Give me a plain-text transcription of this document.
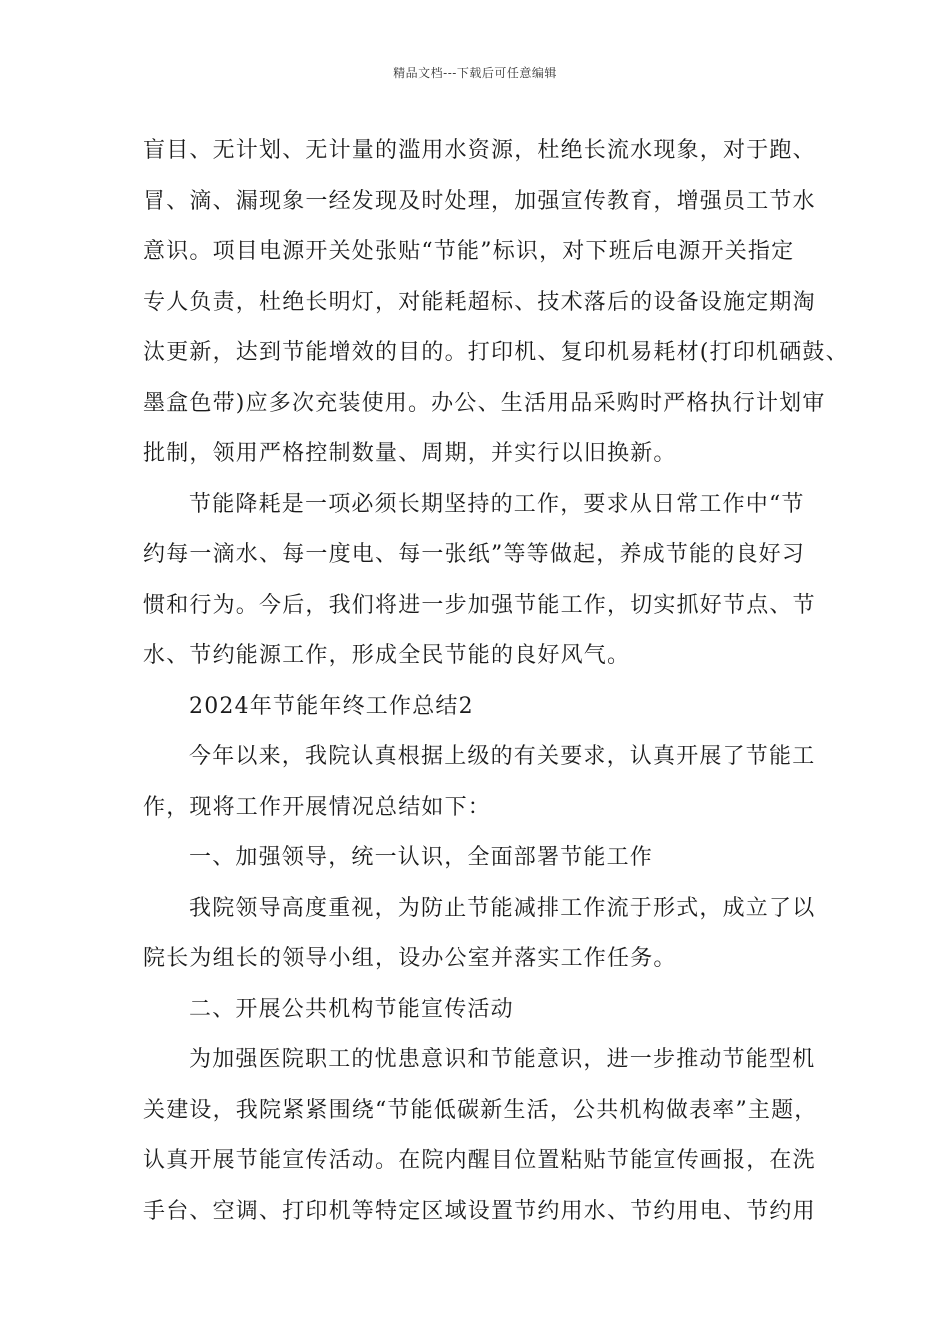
精品文档---下载后可任意编辑
盲目、无计划、无计量的滥用水资源，杜绝长流水现象，对于跑、
冒、滴、漏现象一经发现及时处理，加强宣传教育，增强员工节水
意识。项目电源开关处张贴“节能”标识，对下班后电源开关指定
专人负责，杜绝长明灯，对能耗超标、技术落后的设备设施定期淘
汰更新，达到节能增效的目的。打印机、复印机易耗材(打印机硒鼓、
墨盒色带)应多次充装使用。办公、生活用品采购时严格执行计划审
批制，领用严格控制数量、周期，并实行以旧换新。
节能降耗是一项必须长期坚持的工作，要求从日常工作中“节
约每一滴水、每一度电、每一张纸”等等做起，养成节能的良好习
惯和行为。今后，我们将进一步加强节能工作，切实抓好节点、节
水、节约能源工作，形成全民节能的良好风气。
2024年节能年终工作总结2
今年以来，我院认真根据上级的有关要求，认真开展了节能工
作，现将工作开展情况总结如下：
一、加强领导，统一认识，全面部署节能工作
我院领导高度重视，为防止节能减排工作流于形式，成立了以
院长为组长的领导小组，设办公室并落实工作任务。
二、开展公共机构节能宣传活动
为加强医院职工的忧患意识和节能意识，进一步推动节能型机
关建设，我院紧紧围绕“节能低碳新生活，公共机构做表率”主题，
认真开展节能宣传活动。在院内醒目位置粘贴节能宣传画报，在洗
手台、空调、打印机等特定区域设置节约用水、节约用电、节约用
